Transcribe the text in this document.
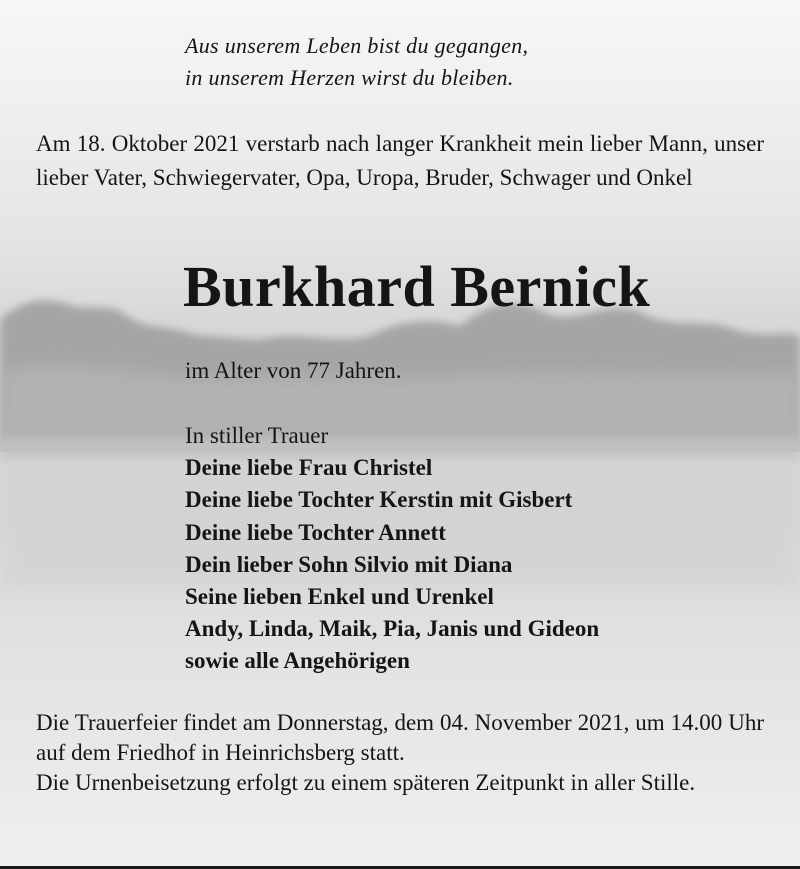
Aus unserem Leben bist du gegangen,
in unserem Herzen wirst du bleiben.
Am 18. Oktober 2021 verstarb nach langer Krankheit mein lieber Mann, unser lieber Vater, Schwiegervater, Opa, Uropa, Bruder, Schwager und Onkel
Burkhard Bernick
im Alter von 77 Jahren.
In stiller Trauer
Deine liebe Frau Christel
Deine liebe Tochter Kerstin mit Gisbert
Deine liebe Tochter Annett
Dein lieber Sohn Silvio mit Diana
Seine lieben Enkel und Urenkel
Andy, Linda, Maik, Pia, Janis und Gideon
sowie alle Angehörigen

Die Trauerfeier findet am Donnerstag, dem 04. November 2021, um 14.00 Uhr auf dem Friedhof in Heinrichsberg statt.

Die Urnenbeisetzung erfolgt zu einem späteren Zeitpunkt in aller Stille.
